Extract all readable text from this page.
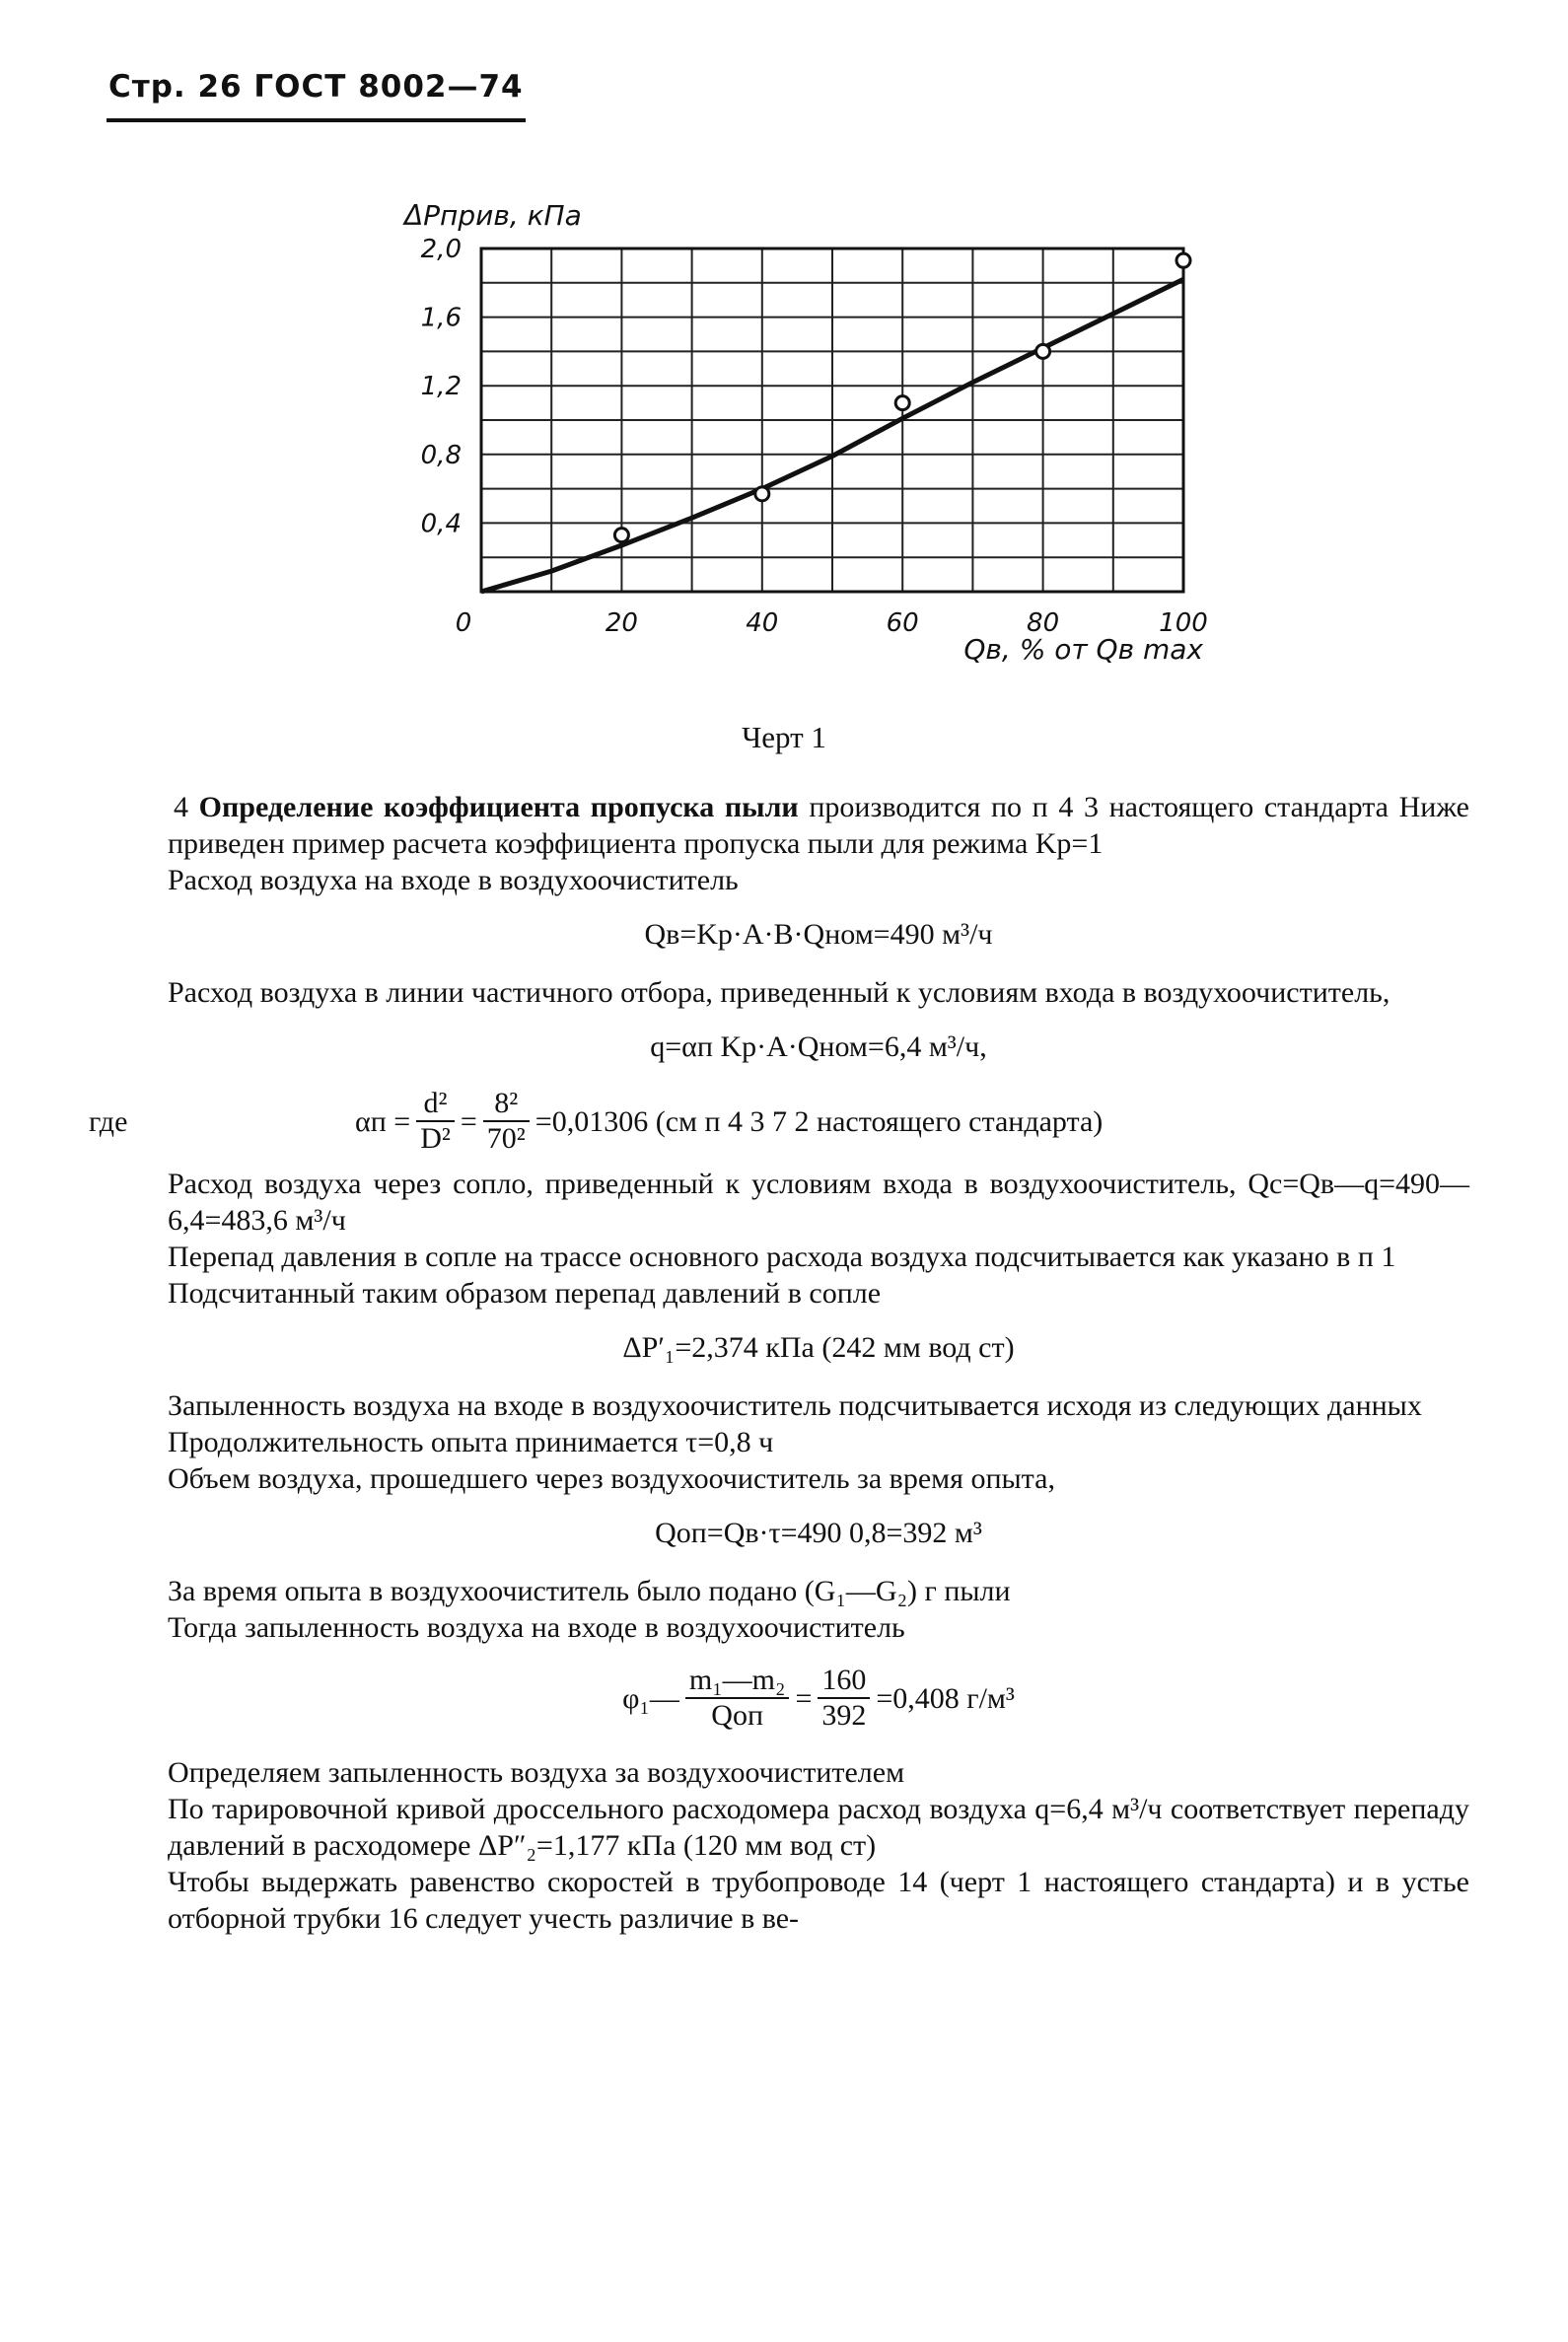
Стр. 26 ГОСТ 8002—74
0	20	40	60	80	100
0,4
0,8
1,2
1,6
2,0
ΔPприв, кПа
Qв, % от Qв max
Черт 1

4 Определение коэффициента пропуска пыли производится по п 4 3 настоящего стандарта Ниже приведен пример расчета коэффициента пропуска пыли для режима Kр=1

Расход воздуха на входе в воздухоочиститель

Qв=Kр·A·B·Qном=490 м³/ч

Расход воздуха в линии частичного отбора, приведенный к условиям входа в воздухоочиститель,

q=αп Kр·A·Qном=6,4 м³/ч,
где	$\alpha п = \frac{\text{d²}}{\text{D²}} = \frac{\text{8²}}{\text{70²}} =0,01306$ (см п 4 3 7 2 настоящего стандарта)

Расход воздуха через сопло, приведенный к условиям входа в воздухоочиститель, Qс=Qв—q=490—6,4=483,6 м³/ч

Перепад давления в сопле на трассе основного расхода воздуха подсчитывается как указано в п 1

Подсчитанный таким образом перепад давлений в сопле

ΔP′₁=2,374 кПа (242 мм вод ст)

Запыленность воздуха на входе в воздухоочиститель подсчитывается исходя из следующих данных

Продолжительность опыта принимается τ=0,8 ч

Объем воздуха, прошедшего через воздухоочиститель за время опыта,

Qоп=Qв·τ=490 0,8=392 м³

За время опыта в воздухоочиститель было подано (G₁—G₂) г пыли

Тогда запыленность воздуха на входе в воздухоочиститель

φ₁— $\frac{\text{m₁—m₂}}{\text{Qоп}} = \frac{160}{392} =0,408$ г/м³

Определяем запыленность воздуха за воздухоочистителем

По тарировочной кривой дроссельного расходомера расход воздуха q=6,4 м³/ч соответствует перепаду давлений в расходомере ΔP″₂=1,177 кПа (120 мм вод ст)

Чтобы выдержать равенство скоростей в трубопроводе 14 (черт 1 настоящего стандарта) и в устье отборной трубки 16 следует учесть различие в ве-
